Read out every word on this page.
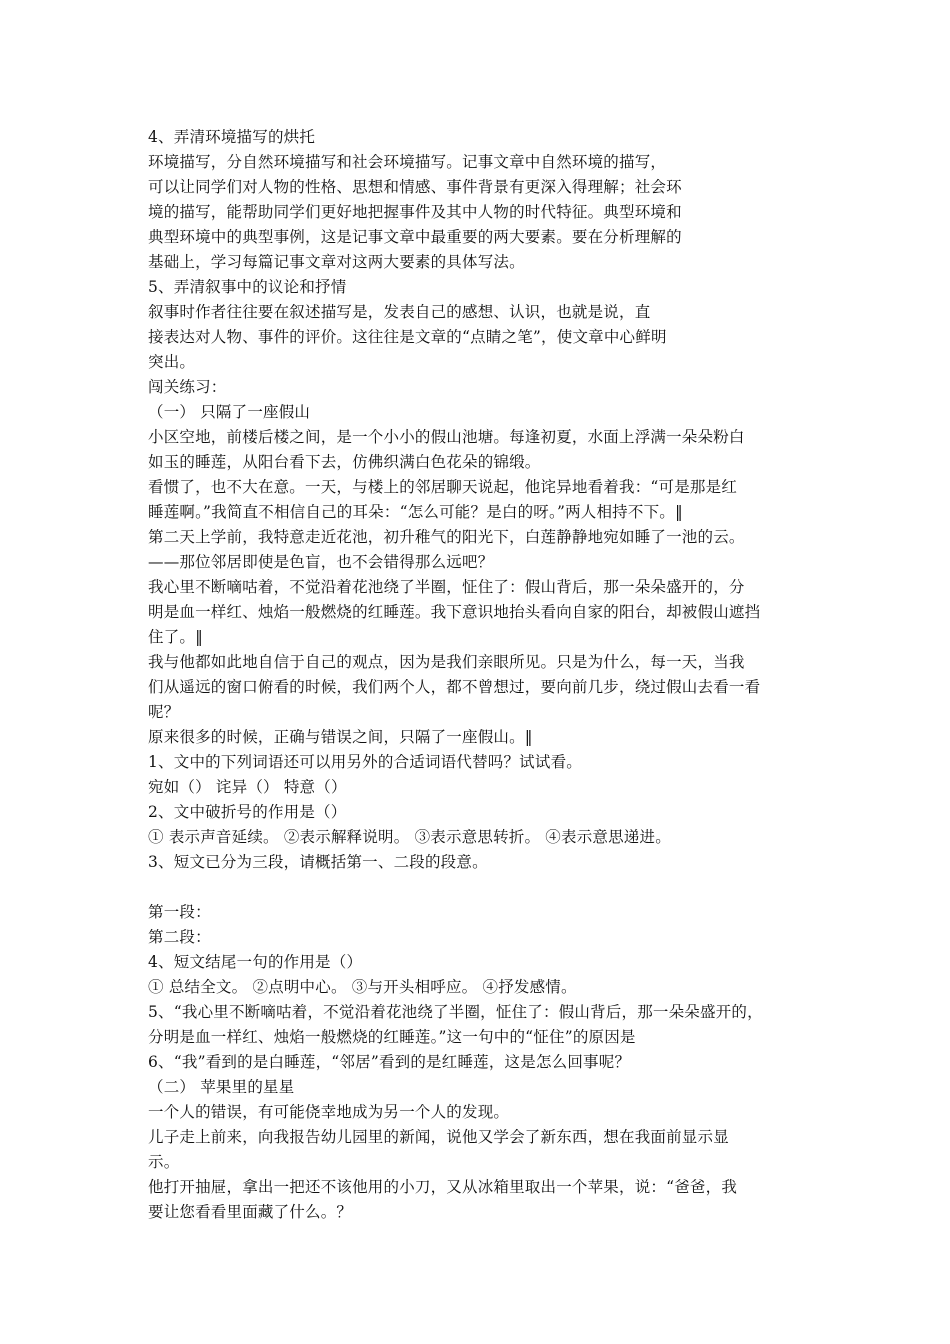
4、弄清环境描写的烘托
环境描写，分自然环境描写和社会环境描写。记事文章中自然环境的描写，
可以让同学们对人物的性格、思想和情感、事件背景有更深入得理解；社会环
境的描写，能帮助同学们更好地把握事件及其中人物的时代特征。典型环境和
典型环境中的典型事例，这是记事文章中最重要的两大要素。要在分析理解的
基础上，学习每篇记事文章对这两大要素的具体写法。
5、弄清叙事中的议论和抒情
叙事时作者往往要在叙述描写是，发表自己的感想、认识，也就是说，直
接表达对人物、事件的评价。这往往是文章的“点睛之笔”，使文章中心鲜明
突出。
闯关练习：
（一） 只隔了一座假山
小区空地，前楼后楼之间，是一个小小的假山池塘。每逢初夏，水面上浮满一朵朵粉白
如玉的睡莲，从阳台看下去，仿佛织满白色花朵的锦缎。
看惯了，也不大在意。一天，与楼上的邻居聊天说起，他诧异地看着我：“可是那是红
睡莲啊。”我简直不相信自己的耳朵：“怎么可能？是白的呀。”两人相持不下。‖
第二天上学前，我特意走近花池，初升稚气的阳光下，白莲静静地宛如睡了一池的云。
——那位邻居即使是色盲，也不会错得那么远吧？
我心里不断嘀咕着，不觉沿着花池绕了半圈，怔住了：假山背后，那一朵朵盛开的，分
明是血一样红、烛焰一般燃烧的红睡莲。我下意识地抬头看向自家的阳台，却被假山遮挡
住了。‖
我与他都如此地自信于自己的观点，因为是我们亲眼所见。只是为什么，每一天，当我
们从遥远的窗口俯看的时候，我们两个人，都不曾想过，要向前几步，绕过假山去看一看
呢？
原来很多的时候，正确与错误之间，只隔了一座假山。‖
1、文中的下列词语还可以用另外的合适词语代替吗？试试看。
宛如（） 诧异（） 特意（）
2、文中破折号的作用是（）
① 表示声音延续。 ②表示解释说明。 ③表示意思转折。 ④表示意思递进。
3、短文已分为三段，请概括第一、二段的段意。
第一段：
第二段：
4、短文结尾一句的作用是（）
① 总结全文。 ②点明中心。 ③与开头相呼应。 ④抒发感情。
5、“我心里不断嘀咕着，不觉沿着花池绕了半圈，怔住了：假山背后，那一朵朵盛开的，
分明是血一样红、烛焰一般燃烧的红睡莲。”这一句中的“怔住”的原因是
6、“我”看到的是白睡莲，“邻居”看到的是红睡莲，这是怎么回事呢？
（二） 苹果里的星星
一个人的错误，有可能侥幸地成为另一个人的发现。
儿子走上前来，向我报告幼儿园里的新闻，说他又学会了新东西，想在我面前显示显
示。
他打开抽屉，拿出一把还不该他用的小刀，又从冰箱里取出一个苹果，说：“爸爸，我
要让您看看里面藏了什么。？
